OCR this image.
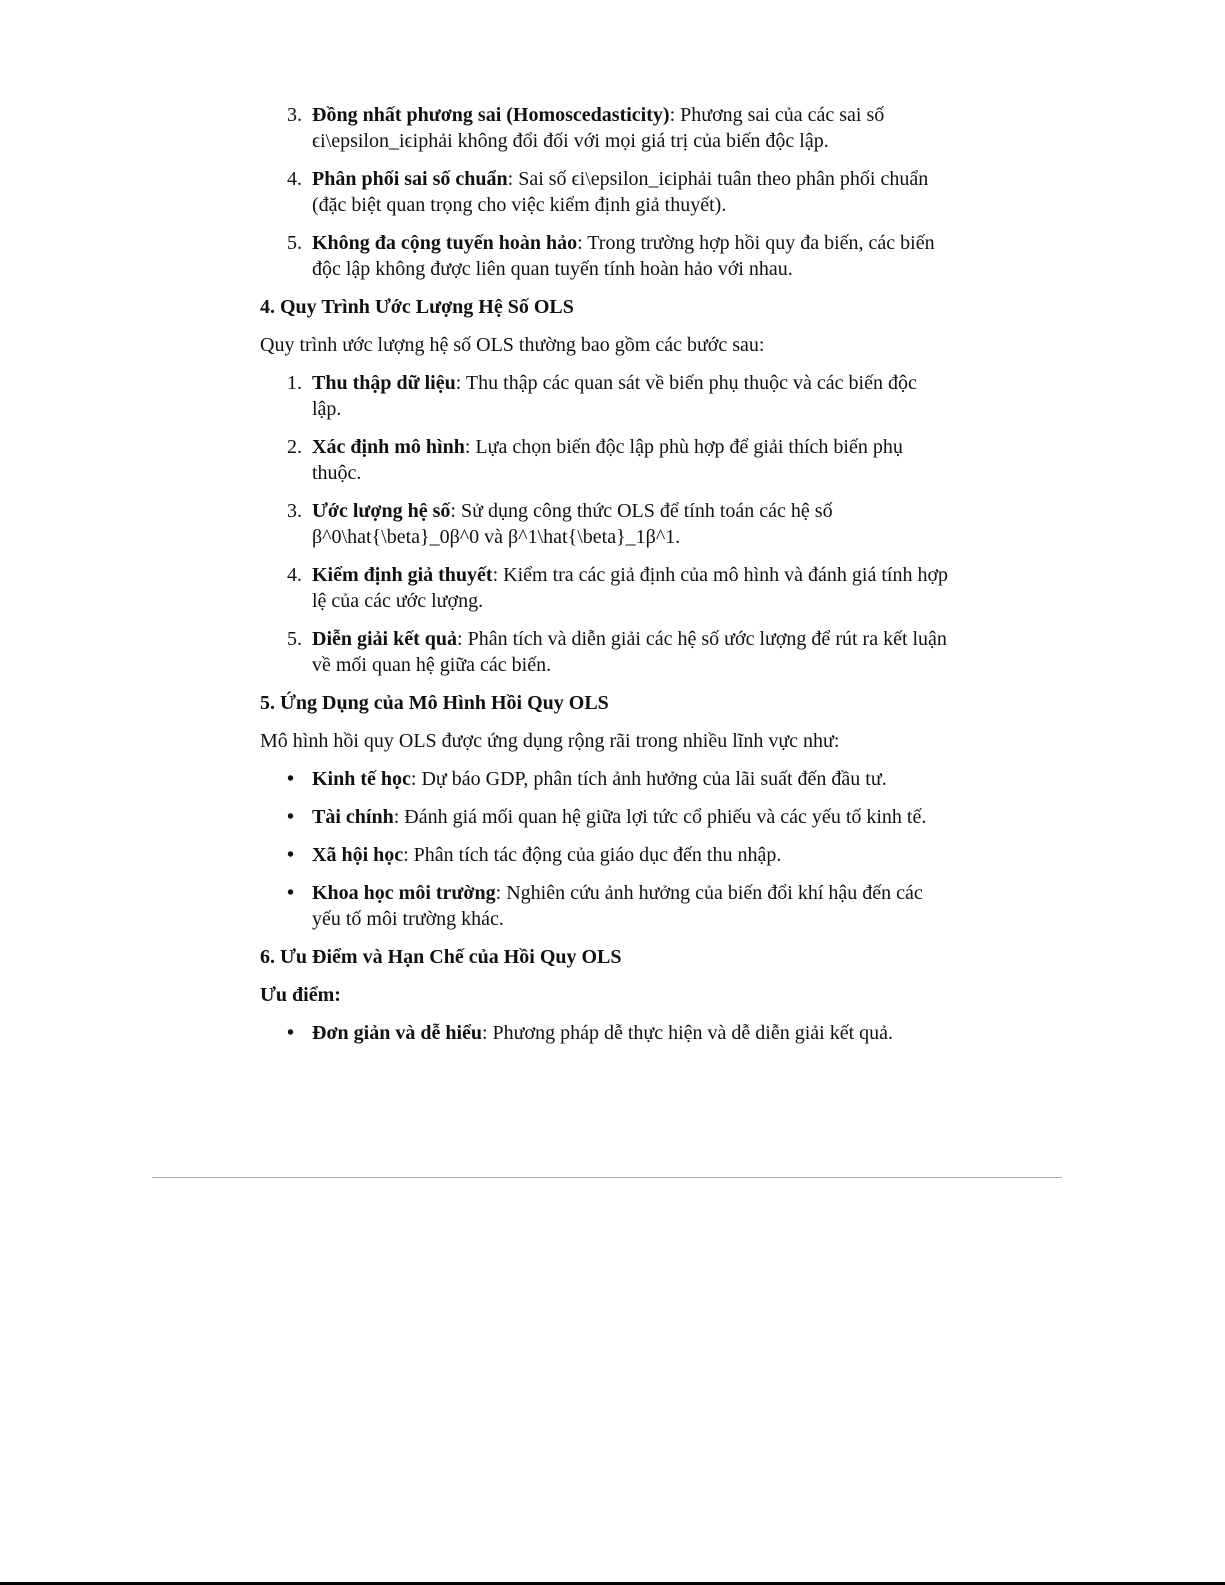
3. Đồng nhất phương sai (Homoscedasticity): Phương sai của các sai số ϵi\epsilon_iϵiphải không đổi đối với mọi giá trị của biến độc lập.
4. Phân phối sai số chuẩn: Sai số ϵi\epsilon_iϵiphải tuân theo phân phối chuẩn (đặc biệt quan trọng cho việc kiểm định giả thuyết).
5. Không đa cộng tuyến hoàn hảo: Trong trường hợp hồi quy đa biến, các biến độc lập không được liên quan tuyến tính hoàn hảo với nhau.
4. Quy Trình Ước Lượng Hệ Số OLS
Quy trình ước lượng hệ số OLS thường bao gồm các bước sau:
1. Thu thập dữ liệu: Thu thập các quan sát về biến phụ thuộc và các biến độc lập.
2. Xác định mô hình: Lựa chọn biến độc lập phù hợp để giải thích biến phụ thuộc.
3. Ước lượng hệ số: Sử dụng công thức OLS để tính toán các hệ số β^0\hat{\beta}_0β^0 và β^1\hat{\beta}_1β^1.
4. Kiểm định giả thuyết: Kiểm tra các giả định của mô hình và đánh giá tính hợp lệ của các ước lượng.
5. Diễn giải kết quả: Phân tích và diễn giải các hệ số ước lượng để rút ra kết luận về mối quan hệ giữa các biến.
5. Ứng Dụng của Mô Hình Hồi Quy OLS
Mô hình hồi quy OLS được ứng dụng rộng rãi trong nhiều lĩnh vực như:
• Kinh tế học: Dự báo GDP, phân tích ảnh hưởng của lãi suất đến đầu tư.
• Tài chính: Đánh giá mối quan hệ giữa lợi tức cổ phiếu và các yếu tố kinh tế.
• Xã hội học: Phân tích tác động của giáo dục đến thu nhập.
• Khoa học môi trường: Nghiên cứu ảnh hưởng của biến đổi khí hậu đến các yếu tố môi trường khác.
6. Ưu Điểm và Hạn Chế của Hồi Quy OLS
Ưu điểm:
• Đơn giản và dễ hiểu: Phương pháp dễ thực hiện và dễ diễn giải kết quả.
